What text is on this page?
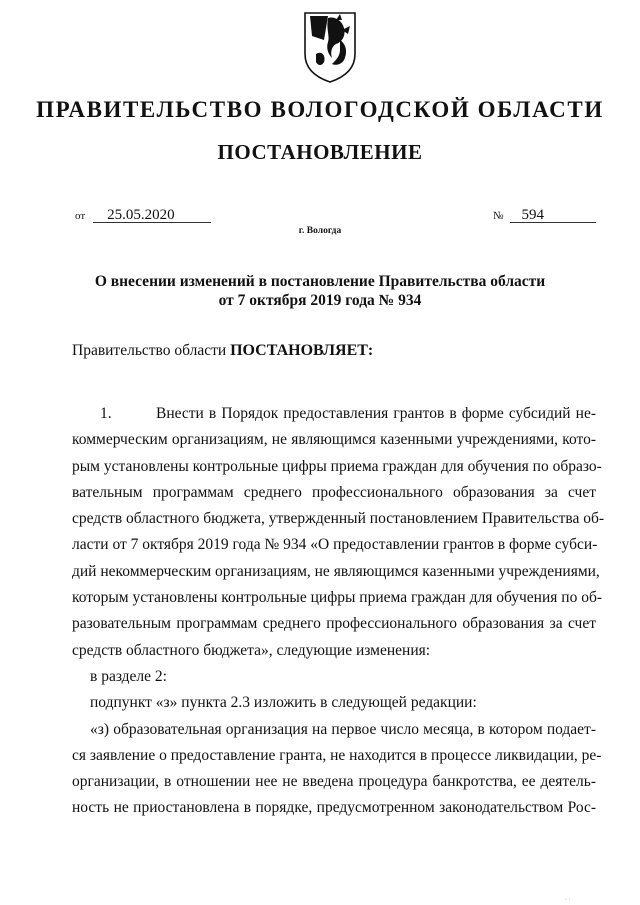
ПРАВИТЕЛЬСТВО ВОЛОГОДСКОЙ ОБЛАСТИ
ПОСТАНОВЛЕНИЕ
от 25.05.2020	№ 594
г. Вологда
О внесении изменений в постановление Правительства области
от 7 октября 2019 года № 934
Правительство области ПОСТАНОВЛЯЕТ:
1.	Внести в Порядок предоставления грантов в форме субсидий не-
коммерческим организациям, не являющимся казенными учреждениями, кото-
рым установлены контрольные цифры приема граждан для обучения по образо-
вательным программам среднего профессионального образования за счет
средств областного бюджета, утвержденный постановлением Правительства об-
ласти от 7 октября 2019 года № 934 «О предоставлении грантов в форме субси-
дий некоммерческим организациям, не являющимся казенными учреждениями,
которым установлены контрольные цифры приема граждан для обучения по об-
разовательным программам среднего профессионального образования за счет
средств областного бюджета», следующие изменения:
в разделе 2:
подпункт «з» пункта 2.3 изложить в следующей редакции:
«з) образовательная организация на первое число месяца, в котором подает-
ся заявление о предоставление гранта, не находится в процессе ликвидации, ре-
организации, в отношении нее не введена процедура банкротства, ее деятель-
ность не приостановлена в порядке, предусмотренном законодательством Рос-
· ·
